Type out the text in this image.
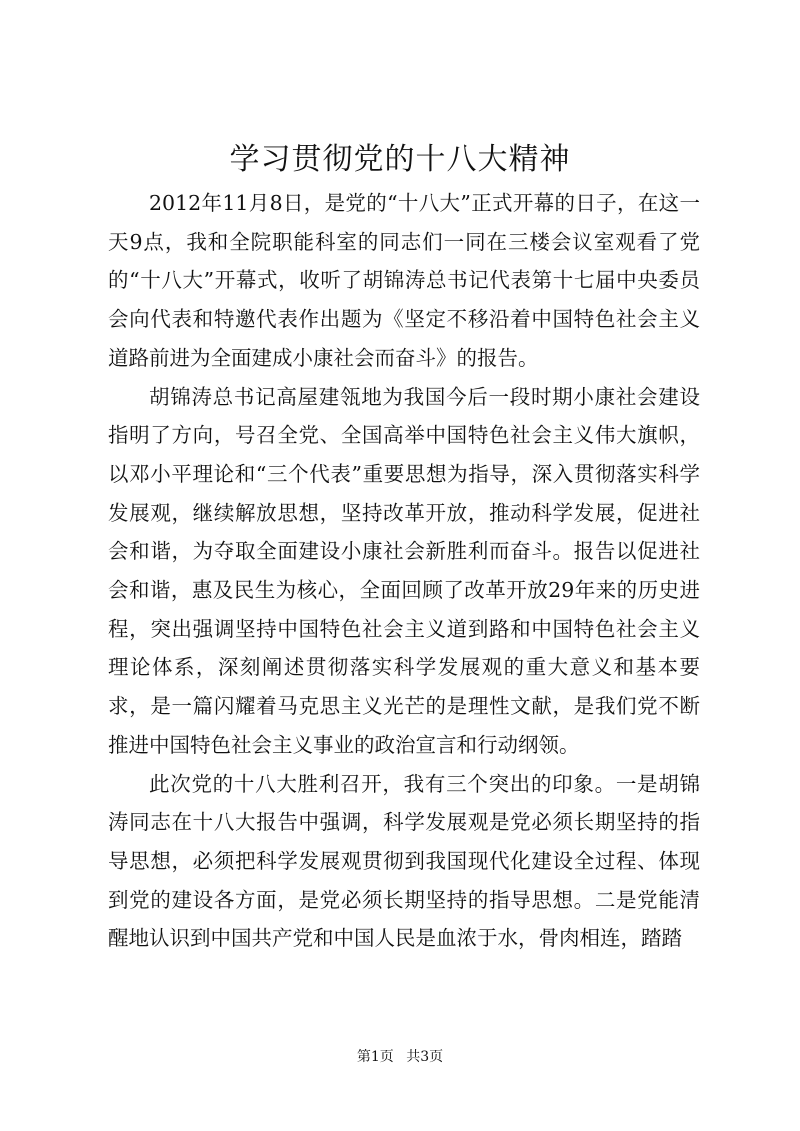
学习贯彻党的十八大精神

2012年11月8日，是党的“十八大”正式开幕的日子，在这一天9点，我和全院职能科室的同志们一同在三楼会议室观看了党的“十八大”开幕式，收听了胡锦涛总书记代表第十七届中央委员会向代表和特邀代表作出题为《坚定不移沿着中国特色社会主义道路前进为全面建成小康社会而奋斗》的报告。

胡锦涛总书记高屋建瓴地为我国今后一段时期小康社会建设指明了方向，号召全党、全国高举中国特色社会主义伟大旗帜，以邓小平理论和“三个代表”重要思想为指导，深入贯彻落实科学发展观，继续解放思想，坚持改革开放，推动科学发展，促进社会和谐，为夺取全面建设小康社会新胜利而奋斗。报告以促进社会和谐，惠及民生为核心，全面回顾了改革开放29年来的历史进程，突出强调坚持中国特色社会主义道到路和中国特色社会主义理论体系，深刻阐述贯彻落实科学发展观的重大意义和基本要求，是一篇闪耀着马克思主义光芒的是理性文献，是我们党不断推进中国特色社会主义事业的政治宣言和行动纲领。

此次党的十八大胜利召开，我有三个突出的印象。一是胡锦涛同志在十八大报告中强调，科学发展观是党必须长期坚持的指导思想，必须把科学发展观贯彻到我国现代化建设全过程、体现到党的建设各方面，是党必须长期坚持的指导思想。二是党能清醒地认识到中国共产党和中国人民是血浓于水，骨肉相连，踏踏

第1页 共3页
